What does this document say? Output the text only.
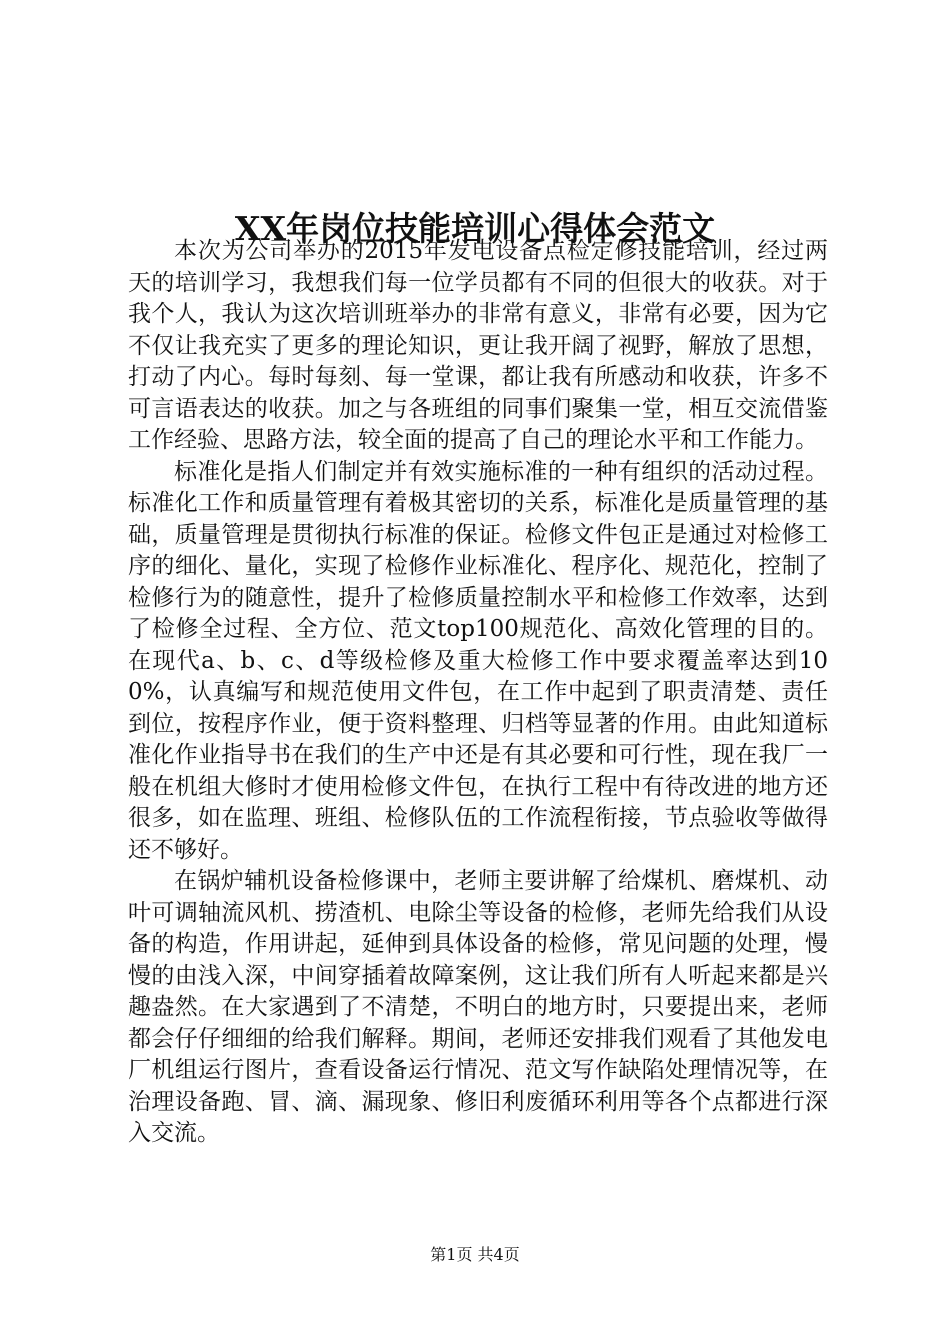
XX年岗位技能培训心得体会范文

本次为公司举办的2015年发电设备点检定修技能培训，经过两天的培训学习，我想我们每一位学员都有不同的但很大的收获。对于我个人，我认为这次培训班举办的非常有意义，非常有必要，因为它不仅让我充实了更多的理论知识，更让我开阔了视野，解放了思想，打动了内心。每时每刻、每一堂课，都让我有所感动和收获，许多不可言语表达的收获。加之与各班组的同事们聚集一堂，相互交流借鉴工作经验、思路方法，较全面的提高了自己的理论水平和工作能力。

标准化是指人们制定并有效实施标准的一种有组织的活动过程。标准化工作和质量管理有着极其密切的关系，标准化是质量管理的基础，质量管理是贯彻执行标准的保证。检修文件包正是通过对检修工序的细化、量化，实现了检修作业标准化、程序化、规范化，控制了检修行为的随意性，提升了检修质量控制水平和检修工作效率，达到了检修全过程、全方位、范文top100规范化、高效化管理的目的。在现代a、b、c、d等级检修及重大检修工作中要求覆盖率达到100%，认真编写和规范使用文件包，在工作中起到了职责清楚、责任到位，按程序作业，便于资料整理、归档等显著的作用。由此知道标准化作业指导书在我们的生产中还是有其必要和可行性，现在我厂一般在机组大修时才使用检修文件包，在执行工程中有待改进的地方还很多，如在监理、班组、检修队伍的工作流程衔接，节点验收等做得还不够好。

在锅炉辅机设备检修课中，老师主要讲解了给煤机、磨煤机、动叶可调轴流风机、捞渣机、电除尘等设备的检修，老师先给我们从设备的构造，作用讲起，延伸到具体设备的检修，常见问题的处理，慢慢的由浅入深，中间穿插着故障案例，这让我们所有人听起来都是兴趣盎然。在大家遇到了不清楚，不明白的地方时，只要提出来，老师都会仔仔细细的给我们解释。期间，老师还安排我们观看了其他发电厂机组运行图片，查看设备运行情况、范文写作缺陷处理情况等，在治理设备跑、冒、滴、漏现象、修旧利废循环利用等各个点都进行深入交流。

第1页 共4页
